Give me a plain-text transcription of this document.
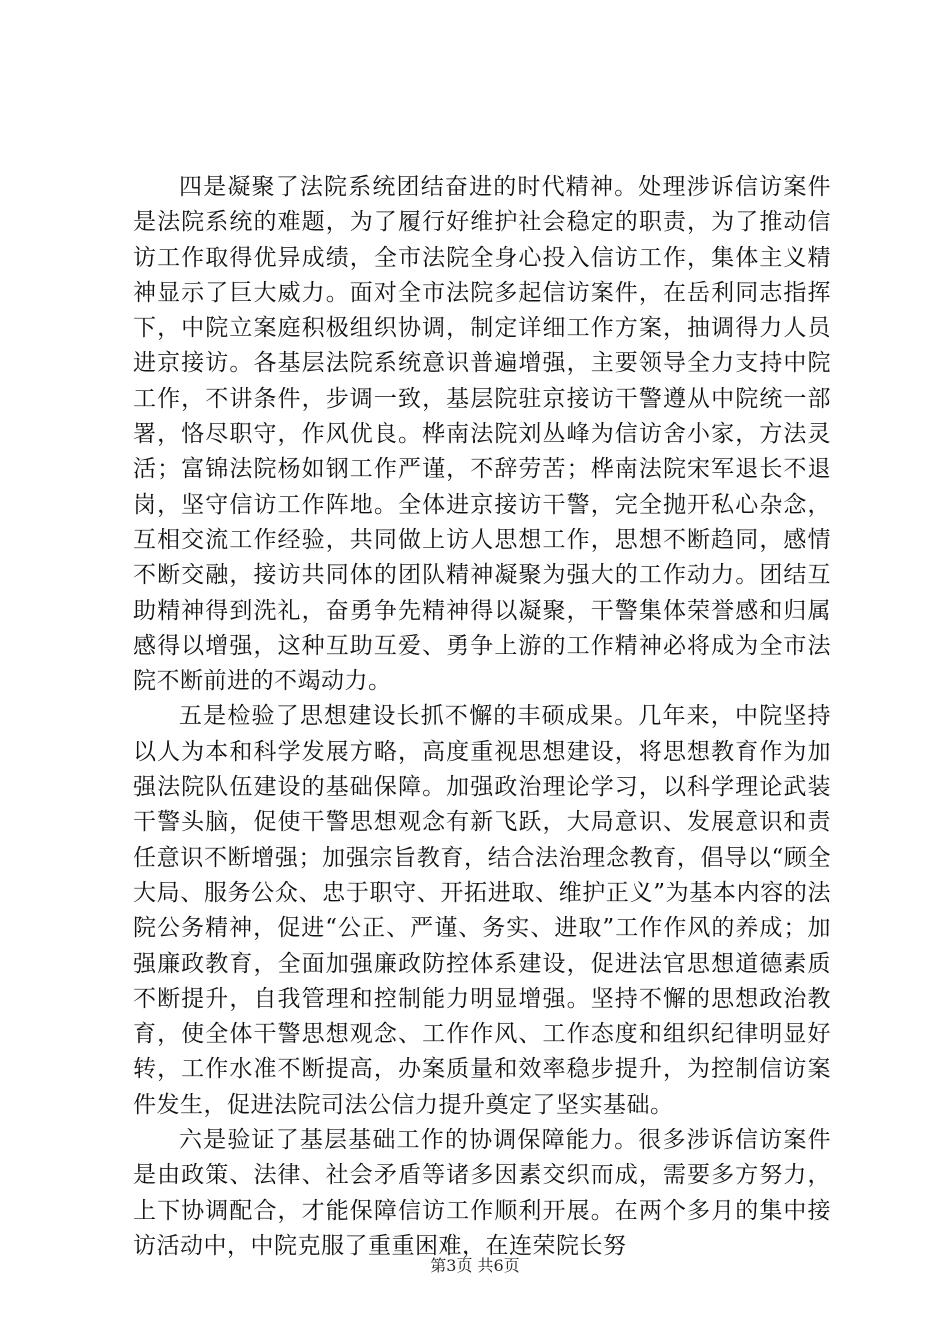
四是凝聚了法院系统团结奋进的时代精神。处理涉诉信访案件是法院系统的难题，为了履行好维护社会稳定的职责，为了推动信访工作取得优异成绩，全市法院全身心投入信访工作，集体主义精神显示了巨大威力。面对全市法院多起信访案件，在岳利同志指挥下，中院立案庭积极组织协调，制定详细工作方案，抽调得力人员进京接访。各基层法院系统意识普遍增强，主要领导全力支持中院工作，不讲条件，步调一致，基层院驻京接访干警遵从中院统一部署，恪尽职守，作风优良。桦南法院刘丛峰为信访舍小家，方法灵活；富锦法院杨如钢工作严谨，不辞劳苦；桦南法院宋军退长不退岗，坚守信访工作阵地。全体进京接访干警，完全抛开私心杂念，互相交流工作经验，共同做上访人思想工作，思想不断趋同，感情不断交融，接访共同体的团队精神凝聚为强大的工作动力。团结互助精神得到洗礼，奋勇争先精神得以凝聚，干警集体荣誉感和归属感得以增强，这种互助互爱、勇争上游的工作精神必将成为全市法院不断前进的不竭动力。

五是检验了思想建设长抓不懈的丰硕成果。几年来，中院坚持以人为本和科学发展方略，高度重视思想建设，将思想教育作为加强法院队伍建设的基础保障。加强政治理论学习，以科学理论武装干警头脑，促使干警思想观念有新飞跃，大局意识、发展意识和责任意识不断增强；加强宗旨教育，结合法治理念教育，倡导以“顾全大局、服务公众、忠于职守、开拓进取、维护正义”为基本内容的法院公务精神，促进“公正、严谨、务实、进取”工作作风的养成；加强廉政教育，全面加强廉政防控体系建设，促进法官思想道德素质不断提升，自我管理和控制能力明显增强。坚持不懈的思想政治教育，使全体干警思想观念、工作作风、工作态度和组织纪律明显好转，工作水准不断提高，办案质量和效率稳步提升，为控制信访案件发生，促进法院司法公信力提升奠定了坚实基础。

六是验证了基层基础工作的协调保障能力。很多涉诉信访案件是由政策、法律、社会矛盾等诸多因素交织而成，需要多方努力，上下协调配合，才能保障信访工作顺利开展。在两个多月的集中接访活动中，中院克服了重重困难，在连荣院长努

第3页 共6页
